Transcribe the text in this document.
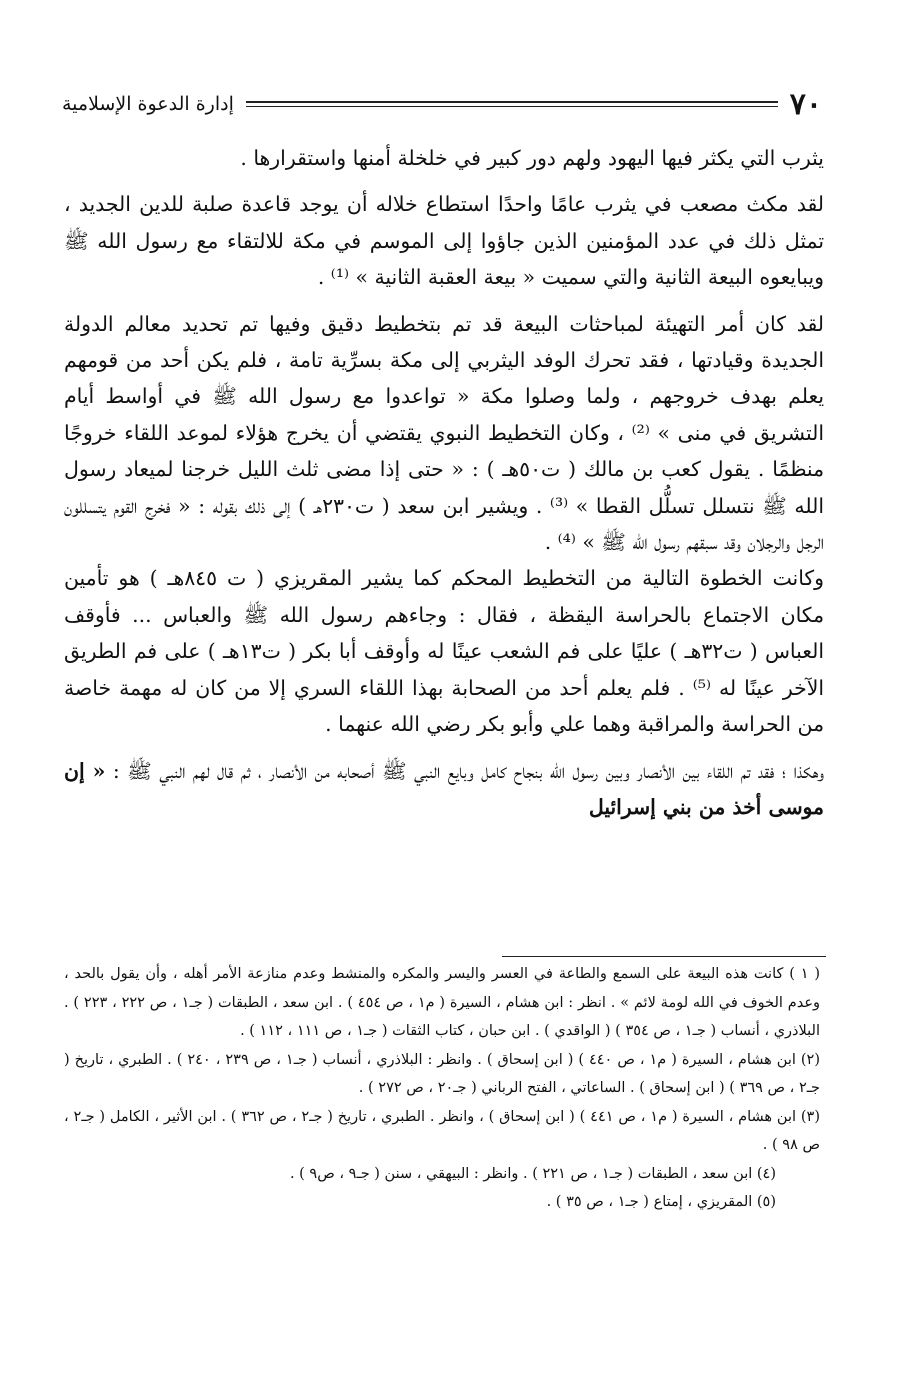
٧٠
إدارة الدعوة الإسلامية

يثرب التي يكثر فيها اليهود ولهم دور كبير في خلخلة أمنها واستقرارها .

لقد مكث مصعب في يثرب عامًا واحدًا استطاع خلاله أن يوجد قاعدة صلبة للدين الجديد ، تمثل ذلك في عدد المؤمنين الذين جاؤوا إلى الموسم في مكة للالتقاء مع رسول الله ﷺ ويبايعوه البيعة الثانية والتي سميت « بيعة العقبة الثانية » ⁽¹⁾ .

لقد كان أمر التهيئة لمباحثات البيعة قد تم بتخطيط دقيق وفيها تم تحديد معالم الدولة الجديدة وقيادتها ، فقد تحرك الوفد اليثربي إلى مكة بسرِّية تامة ، فلم يكن أحد من قومهم يعلم بهدف خروجهم ، ولما وصلوا مكة « تواعدوا مع رسول الله ﷺ في أواسط أيام التشريق في منى » ⁽²⁾ ، وكان التخطيط النبوي يقتضي أن يخرج هؤلاء لموعد اللقاء خروجًا منظمًا . يقول كعب بن مالك ( ت٥٠هـ ) : « حتى إذا مضى ثلث الليل خرجنا لميعاد رسول الله ﷺ نتسلل تسلُّل القطا » ⁽³⁾ . ويشير ابن سعد ( ت٢٣٠هـ ) إلى ذلك بقوله : « فخرج القوم يتسللون الرجل والرجلان وقد سبقهم رسول الله ﷺ » ⁽⁴⁾ .

وكانت الخطوة التالية من التخطيط المحكم كما يشير المقريزي ( ت ٨٤٥هـ ) هو تأمين مكان الاجتماع بالحراسة اليقظة ، فقال : وجاءهم رسول الله ﷺ والعباس ... فأوقف العباس ( ت٣٢هـ ) عليًا على فم الشعب عينًا له وأوقف أبا بكر ( ت١٣هـ ) على فم الطريق الآخر عينًا له ⁽⁵⁾ . فلم يعلم أحد من الصحابة بهذا اللقاء السري إلا من كان له مهمة خاصة من الحراسة والمراقبة وهما علي وأبو بكر رضي الله عنهما .

وهكذا ؛ فقد تم اللقاء بين الأنصار وبين رسول الله بنجاح كامل وبايع النبي ﷺ أصحابه من الأنصار ، ثم قال لهم النبي ﷺ : « إن موسى أخذ من بني إسرائيل

( ١ ) كانت هذه البيعة على السمع والطاعة في العسر واليسر والمكره والمنشط وعدم منازعة الأمر أهله ، وأن يقول بالحد ، وعدم الخوف في الله لومة لائم » . انظر : ابن هشام ، السيرة ( م١ ، ص ٤٥٤ ) . ابن سعد ، الطبقات ( جـ١ ، ص ٢٢٢ ، ٢٢٣ ) . البلاذري ، أنساب ( جـ١ ، ص ٣٥٤ ) ( الواقدي ) . ابن حبان ، كتاب الثقات ( جـ١ ، ص ١١١ ، ١١٢ ) .

(٢) ابن هشام ، السيرة ( م١ ، ص ٤٤٠ ) ( ابن إسحاق ) . وانظر : البلاذري ، أنساب ( جـ١ ، ص ٢٣٩ ، ٢٤٠ ) . الطبري ، تاريخ ( جـ٢ ، ص ٣٦٩ ) ( ابن إسحاق ) . الساعاتي ، الفتح الرباني ( جـ٢٠ ، ص ٢٧٢ ) .

(٣) ابن هشام ، السيرة ( م١ ، ص ٤٤١ ) ( ابن إسحاق ) ، وانظر . الطبري ، تاريخ ( جـ٢ ، ص ٣٦٢ ) . ابن الأثير ، الكامل ( جـ٢ ، ص ٩٨ ) .

(٤) ابن سعد ، الطبقات ( جـ١ ، ص ٢٢١ ) . وانظر : البيهقي ، سنن ( جـ٩ ، ص٩ ) .

(٥) المقريزي ، إمتاع ( جـ١ ، ص ٣٥ ) .
